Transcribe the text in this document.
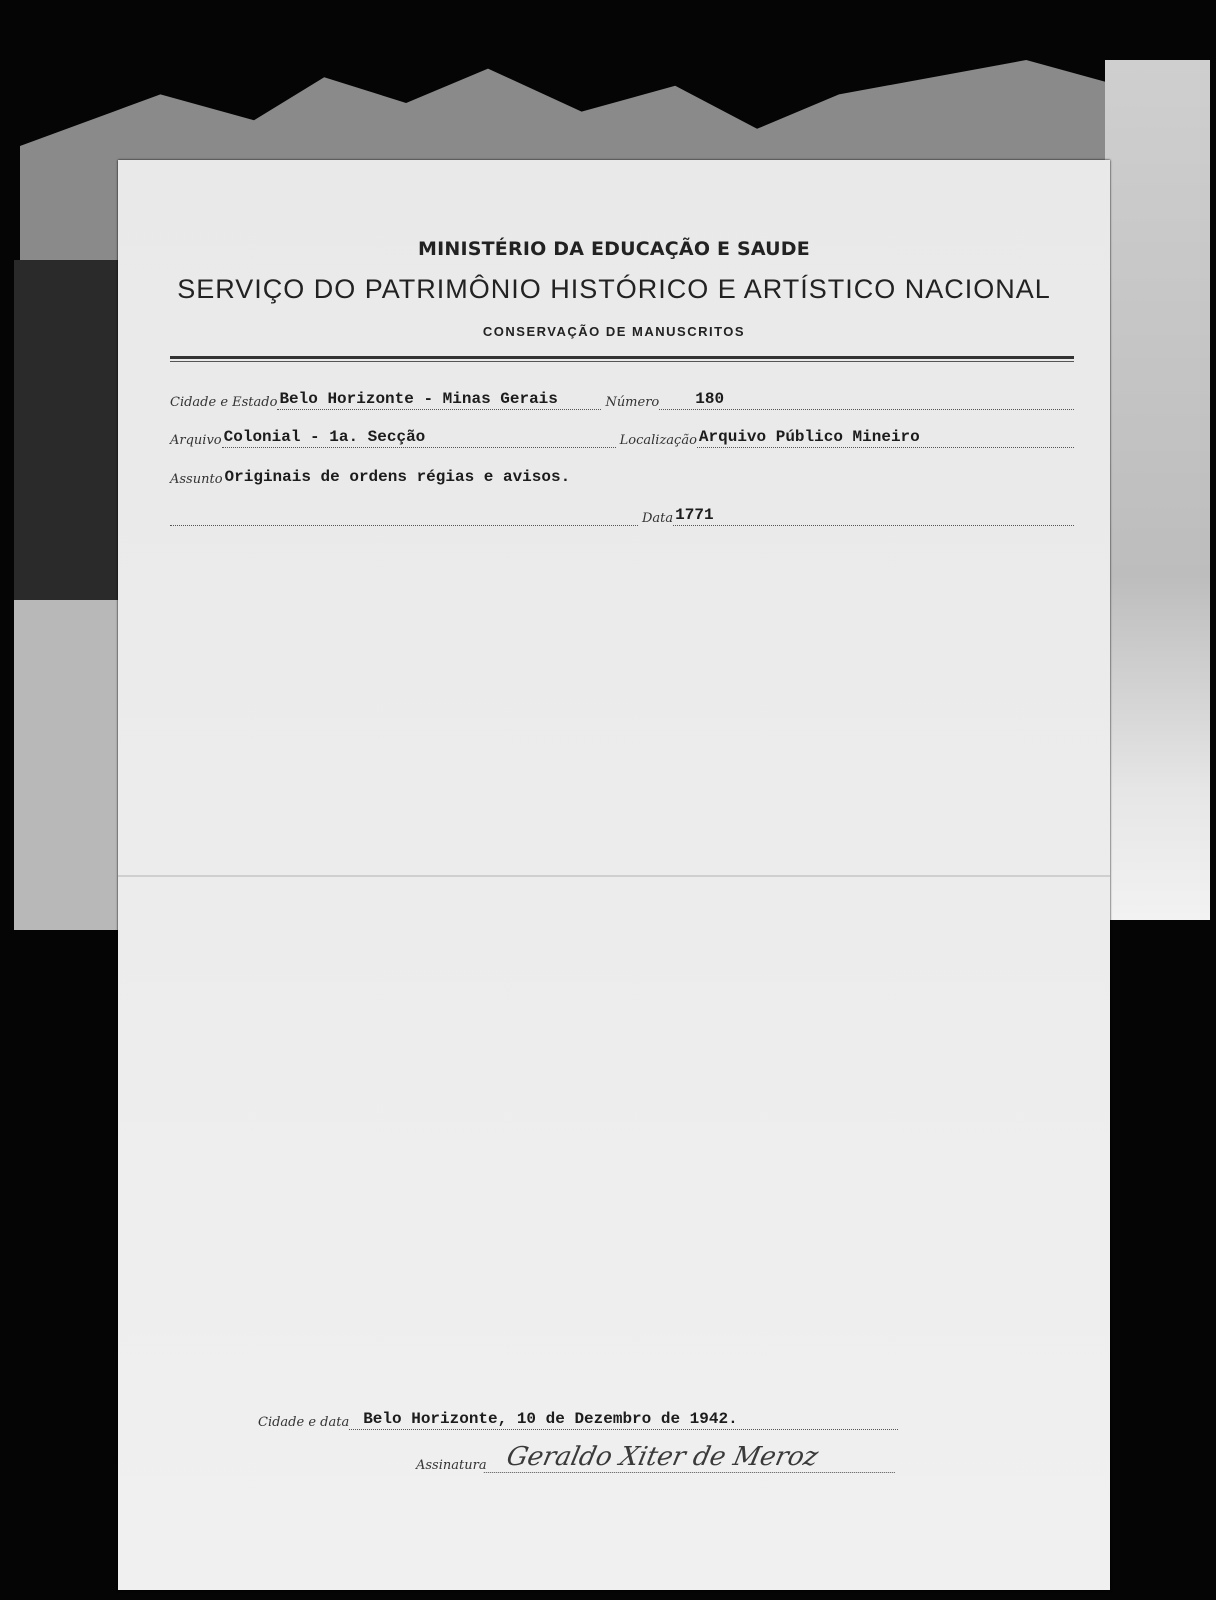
MINISTÉRIO DA EDUCAÇÃO E SAUDE
SERVIÇO DO PATRIMÔNIO HISTÓRICO E ARTÍSTICO NACIONAL
CONSERVAÇÃO DE MANUSCRITOS
Cidade e Estado Belo Horizonte - Minas Gerais	Número	180
Arquivo Colonial - 1a. Secção	Localização Arquivo Público Mineiro
Assunto Originais de ordens régias e avisos.
Data 1771
Cidade e data Belo Horizonte, 10 de Dezembro de 1942.
Assinatura Geraldo Xiter de Meroz
